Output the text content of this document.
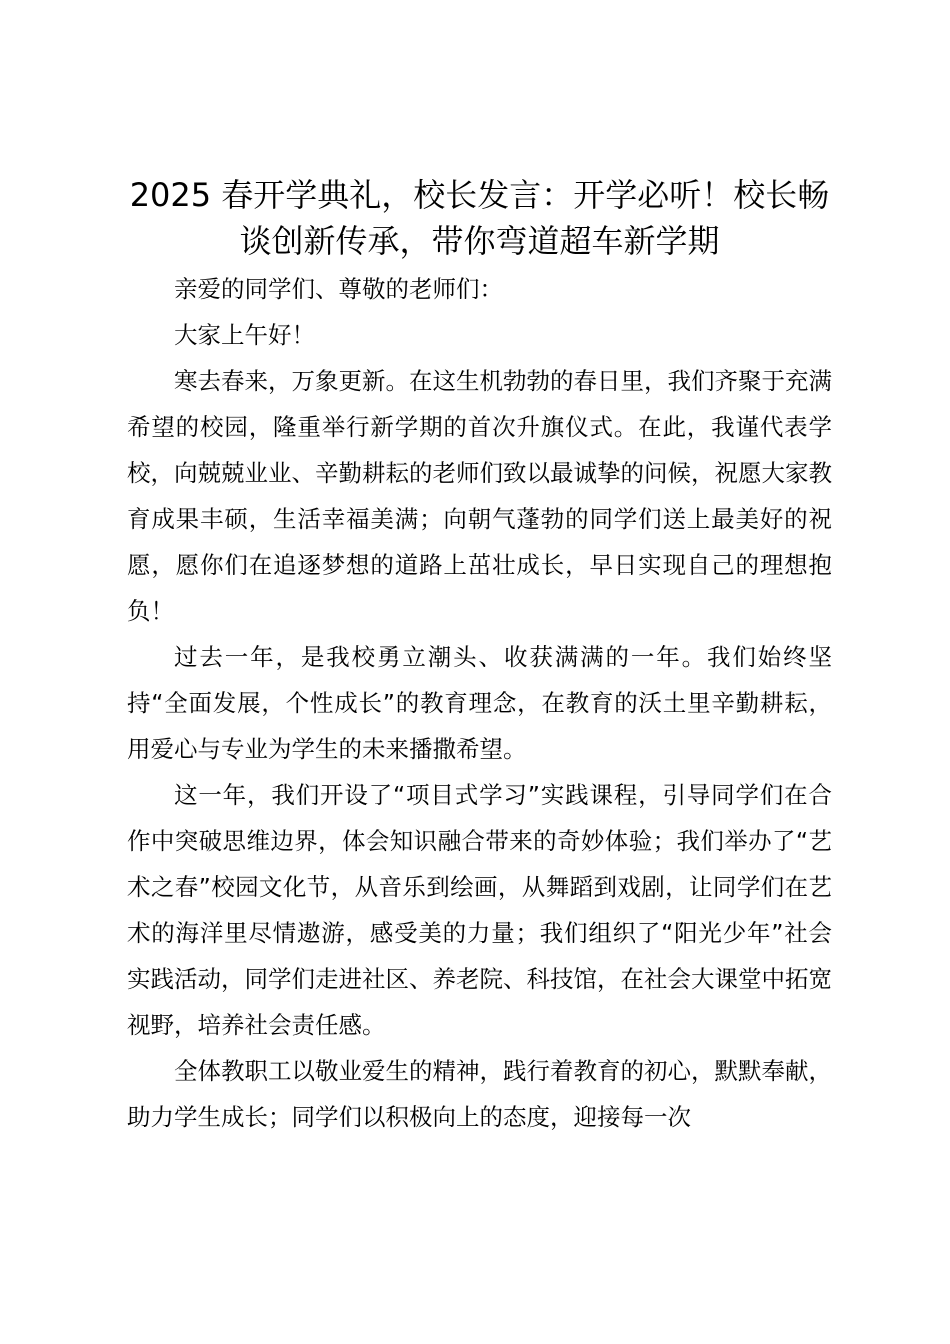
2025 春开学典礼，校长发言：开学必听！校长畅谈创新传承，带你弯道超车新学期

亲爱的同学们、尊敬的老师们：

大家上午好！

寒去春来，万象更新。在这生机勃勃的春日里，我们齐聚于充满希望的校园，隆重举行新学期的首次升旗仪式。在此，我谨代表学校，向兢兢业业、辛勤耕耘的老师们致以最诚挚的问候，祝愿大家教育成果丰硕，生活幸福美满；向朝气蓬勃的同学们送上最美好的祝愿，愿你们在追逐梦想的道路上茁壮成长，早日实现自己的理想抱负！

过去一年，是我校勇立潮头、收获满满的一年。我们始终坚持“全面发展，个性成长”的教育理念，在教育的沃土里辛勤耕耘，用爱心与专业为学生的未来播撒希望。

这一年，我们开设了“项目式学习”实践课程，引导同学们在合作中突破思维边界，体会知识融合带来的奇妙体验；我们举办了“艺术之春”校园文化节，从音乐到绘画，从舞蹈到戏剧，让同学们在艺术的海洋里尽情遨游，感受美的力量；我们组织了“阳光少年”社会实践活动，同学们走进社区、养老院、科技馆，在社会大课堂中拓宽视野，培养社会责任感。

全体教职工以敬业爱生的精神，践行着教育的初心，默默奉献，助力学生成长；同学们以积极向上的态度，迎接每一次
